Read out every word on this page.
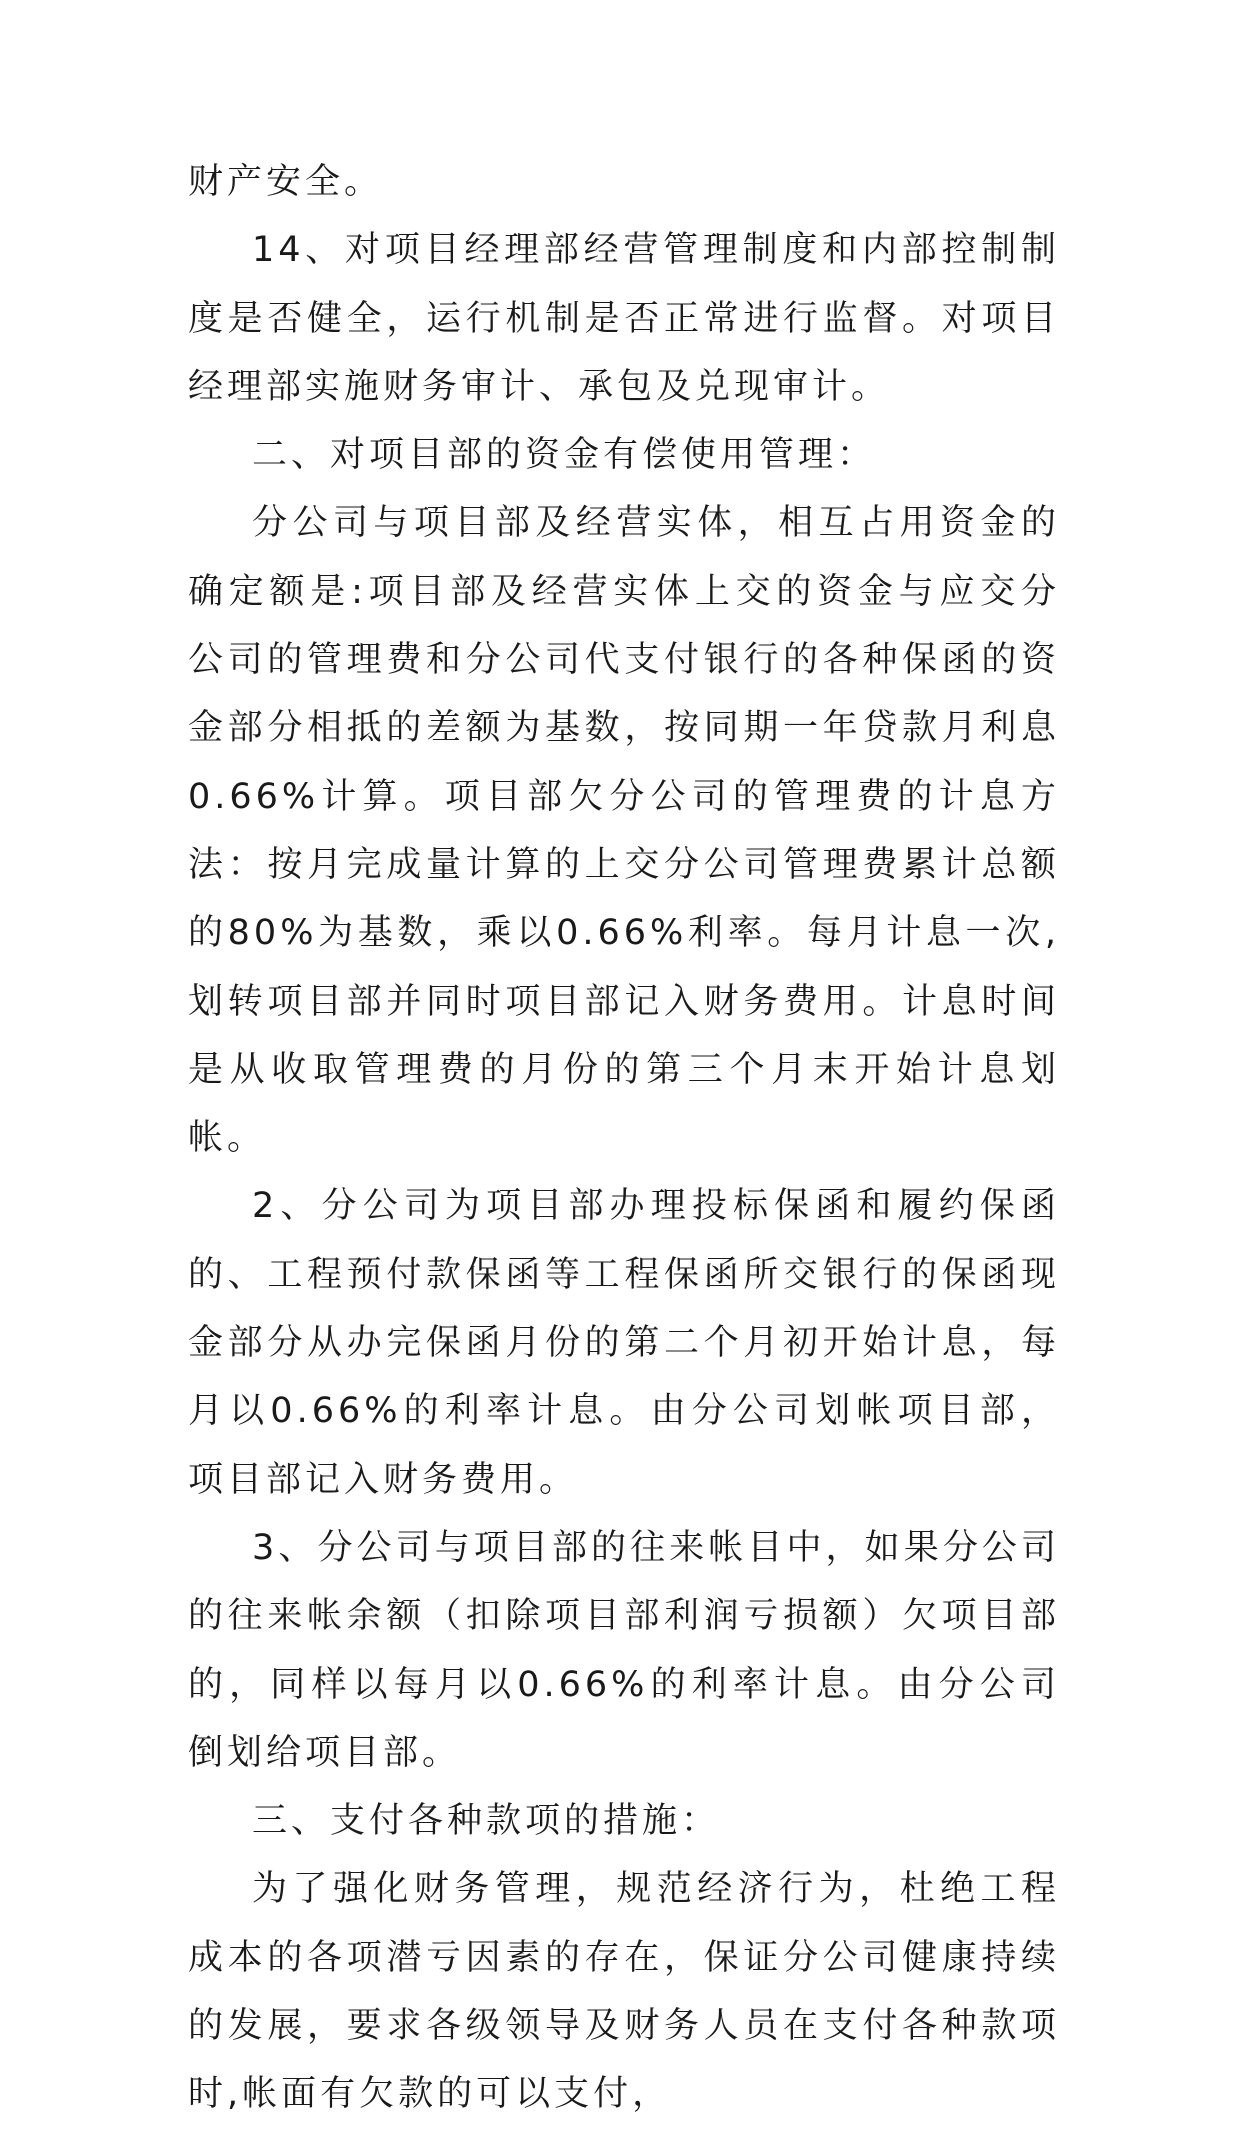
财产安全。

14、对项目经理部经营管理制度和内部控制制度是否健全，运行机制是否正常进行监督。对项目经理部实施财务审计、承包及兑现审计。

二、对项目部的资金有偿使用管理：

分公司与项目部及经营实体，相互占用资金的确定额是:项目部及经营实体上交的资金与应交分公司的管理费和分公司代支付银行的各种保函的资金部分相抵的差额为基数，按同期一年贷款月利息0.66%计算。项目部欠分公司的管理费的计息方法：按月完成量计算的上交分公司管理费累计总额的80%为基数，乘以0.66%利率。每月计息一次,划转项目部并同时项目部记入财务费用。计息时间是从收取管理费的月份的第三个月末开始计息划帐。

2、分公司为项目部办理投标保函和履约保函的、工程预付款保函等工程保函所交银行的保函现金部分从办完保函月份的第二个月初开始计息，每月以0.66%的利率计息。由分公司划帐项目部，项目部记入财务费用。

3、分公司与项目部的往来帐目中，如果分公司的往来帐余额（扣除项目部利润亏损额）欠项目部的，同样以每月以0.66%的利率计息。由分公司倒划给项目部。

三、支付各种款项的措施：

为了强化财务管理，规范经济行为，杜绝工程成本的各项潜亏因素的存在，保证分公司健康持续的发展，要求各级领导及财务人员在支付各种款项时,帐面有欠款的可以支付，
